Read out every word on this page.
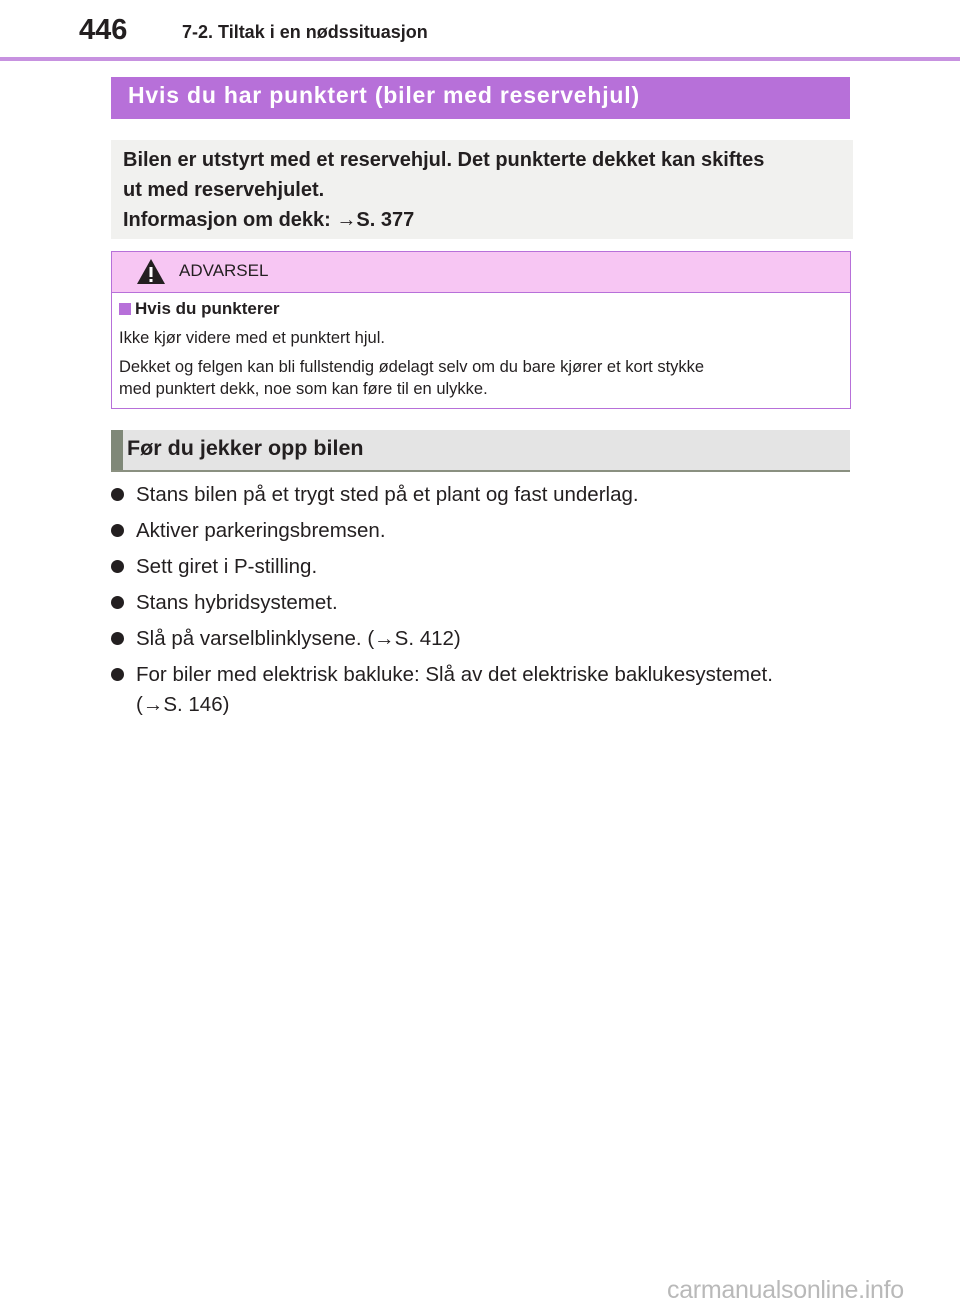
446	7-2. Tiltak i en nødssituasjon
Hvis du har punktert (biler med reservehjul)
Bilen er utstyrt med et reservehjul. Det punkterte dekket kan skiftes
ut med reservehjulet.
Informasjon om dekk: →S. 377
ADVARSEL
Hvis du punkterer
Ikke kjør videre med et punktert hjul.
Dekket og felgen kan bli fullstendig ødelagt selv om du bare kjører et kort stykke
med punktert dekk, noe som kan føre til en ulykke.
Før du jekker opp bilen
Stans bilen på et trygt sted på et plant og fast underlag.
Aktiver parkeringsbremsen.
Sett giret i P-stilling.
Stans hybridsystemet.
Slå på varselblinklysene. (→S. 412)
For biler med elektrisk bakluke: Slå av det elektriske baklukesystemet.
(→S. 146)
carmanualsonline.info
